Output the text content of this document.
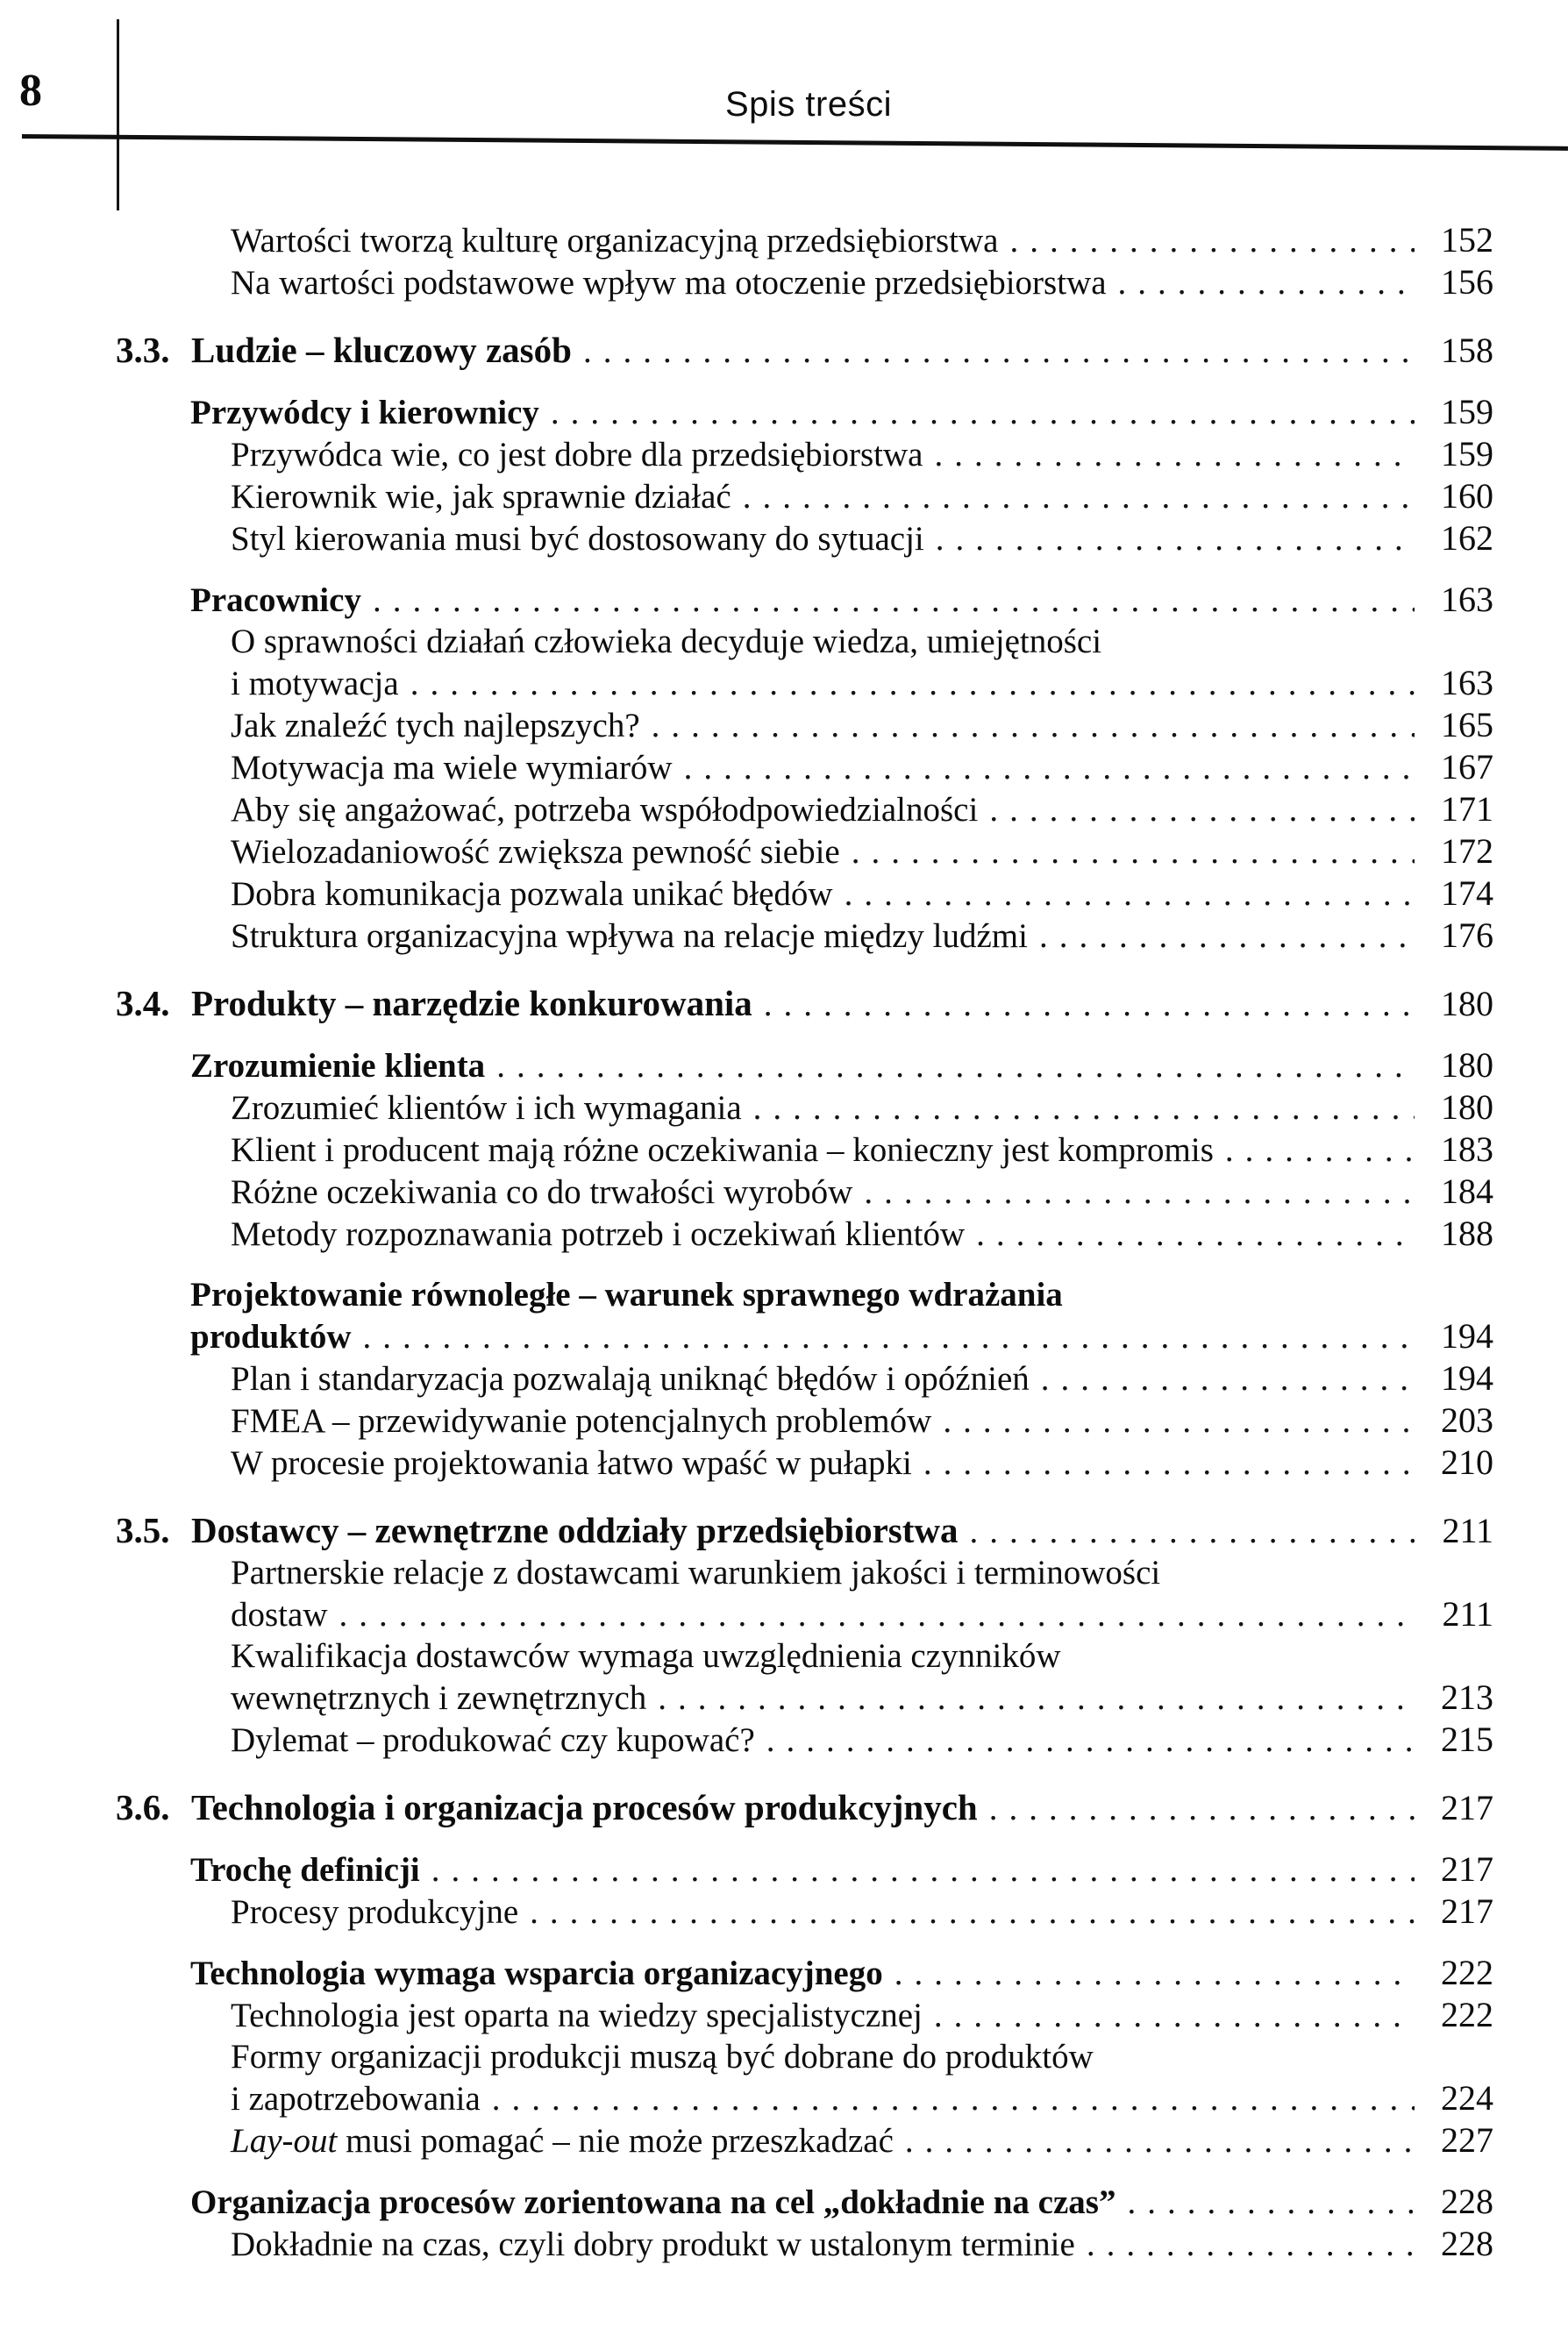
8	Spis treści
Wartości tworzą kulturę organizacyjną przedsiębiorstwa .....	152
Na wartości podstawowe wpływ ma otoczenie przedsiębiorstwa .....	156
3.3. Ludzie – kluczowy zasób .....	158
Przywódcy i kierownicy .....	159
Przywódca wie, co jest dobre dla przedsiębiorstwa .....	159
Kierownik wie, jak sprawnie działać .....	160
Styl kierowania musi być dostosowany do sytuacji .....	162
Pracownicy .....	163
O sprawności działań człowieka decyduje wiedza, umiejętności
i motywacja .....	163
Jak znaleźć tych najlepszych? .....	165
Motywacja ma wiele wymiarów .....	167
Aby się angażować, potrzeba współodpowiedzialności .....	171
Wielozadaniowość zwiększa pewność siebie .....	172
Dobra komunikacja pozwala unikać błędów .....	174
Struktura organizacyjna wpływa na relacje między ludźmi .....	176
3.4. Produkty – narzędzie konkurowania .....	180
Zrozumienie klienta .....	180
Zrozumieć klientów i ich wymagania .....	180
Klient i producent mają różne oczekiwania – konieczny jest kompromis .....	183
Różne oczekiwania co do trwałości wyrobów .....	184
Metody rozpoznawania potrzeb i oczekiwań klientów .....	188
Projektowanie równoległe – warunek sprawnego wdrażania
produktów .....	194
Plan i standaryzacja pozwalają uniknąć błędów i opóźnień .....	194
FMEA – przewidywanie potencjalnych problemów .....	203
W procesie projektowania łatwo wpaść w pułapki .....	210
3.5. Dostawcy – zewnętrzne oddziały przedsiębiorstwa .....	211
Partnerskie relacje z dostawcami warunkiem jakości i terminowości
dostaw .....	211
Kwalifikacja dostawców wymaga uwzględnienia czynników
wewnętrznych i zewnętrznych .....	213
Dylemat – produkować czy kupować? .....	215
3.6. Technologia i organizacja procesów produkcyjnych .....	217
Trochę definicji .....	217
Procesy produkcyjne .....	217
Technologia wymaga wsparcia organizacyjnego .....	222
Technologia jest oparta na wiedzy specjalistycznej .....	222
Formy organizacji produkcji muszą być dobrane do produktów
i zapotrzebowania .....	224
Lay-out musi pomagać – nie może przeszkadzać .....	227
Organizacja procesów zorientowana na cel „dokładnie na czas” .....	228
Dokładnie na czas, czyli dobry produkt w ustalonym terminie .....	228
